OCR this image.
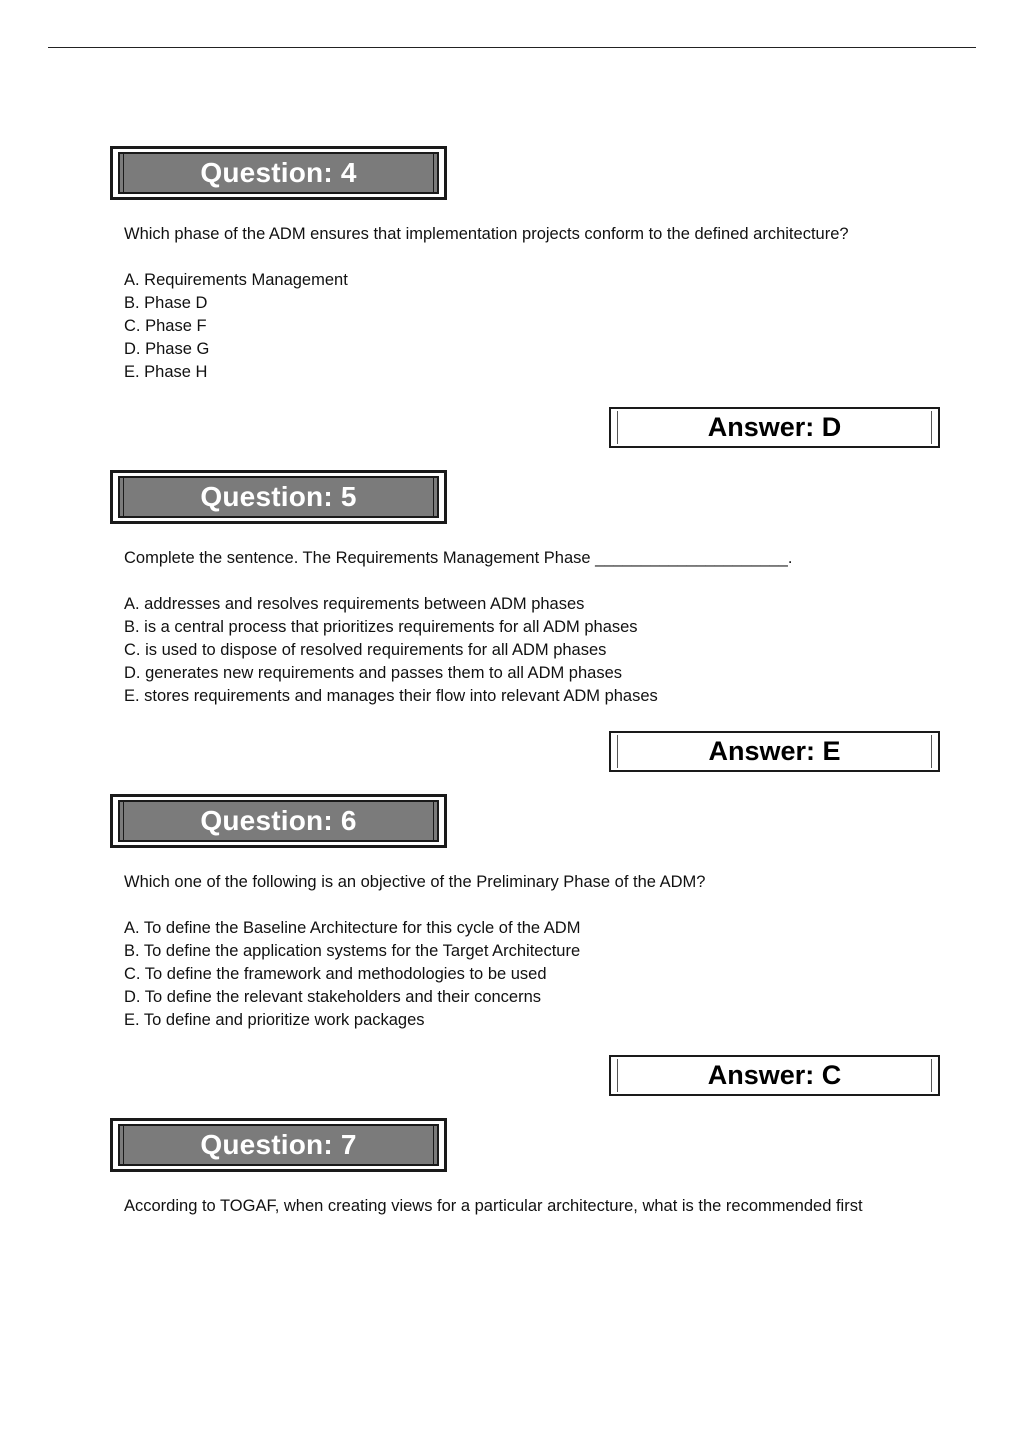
Question: 4
Which phase of the ADM ensures that implementation projects conform to the defined architecture?
A. Requirements Management
B. Phase D
C. Phase F
D. Phase G
E. Phase H
Answer: D
Question: 5
Complete the sentence. The Requirements Management Phase _____________________.
A. addresses and resolves requirements between ADM phases
B. is a central process that prioritizes requirements for all ADM phases
C. is used to dispose of resolved requirements for all ADM phases
D. generates new requirements and passes them to all ADM phases
E. stores requirements and manages their flow into relevant ADM phases
Answer: E
Question: 6
Which one of the following is an objective of the Preliminary Phase of the ADM?
A. To define the Baseline Architecture for this cycle of the ADM
B. To define the application systems for the Target Architecture
C. To define the framework and methodologies to be used
D. To define the relevant stakeholders and their concerns
E. To define and prioritize work packages
Answer: C
Question: 7
According to TOGAF, when creating views for a particular architecture, what is the recommended first
